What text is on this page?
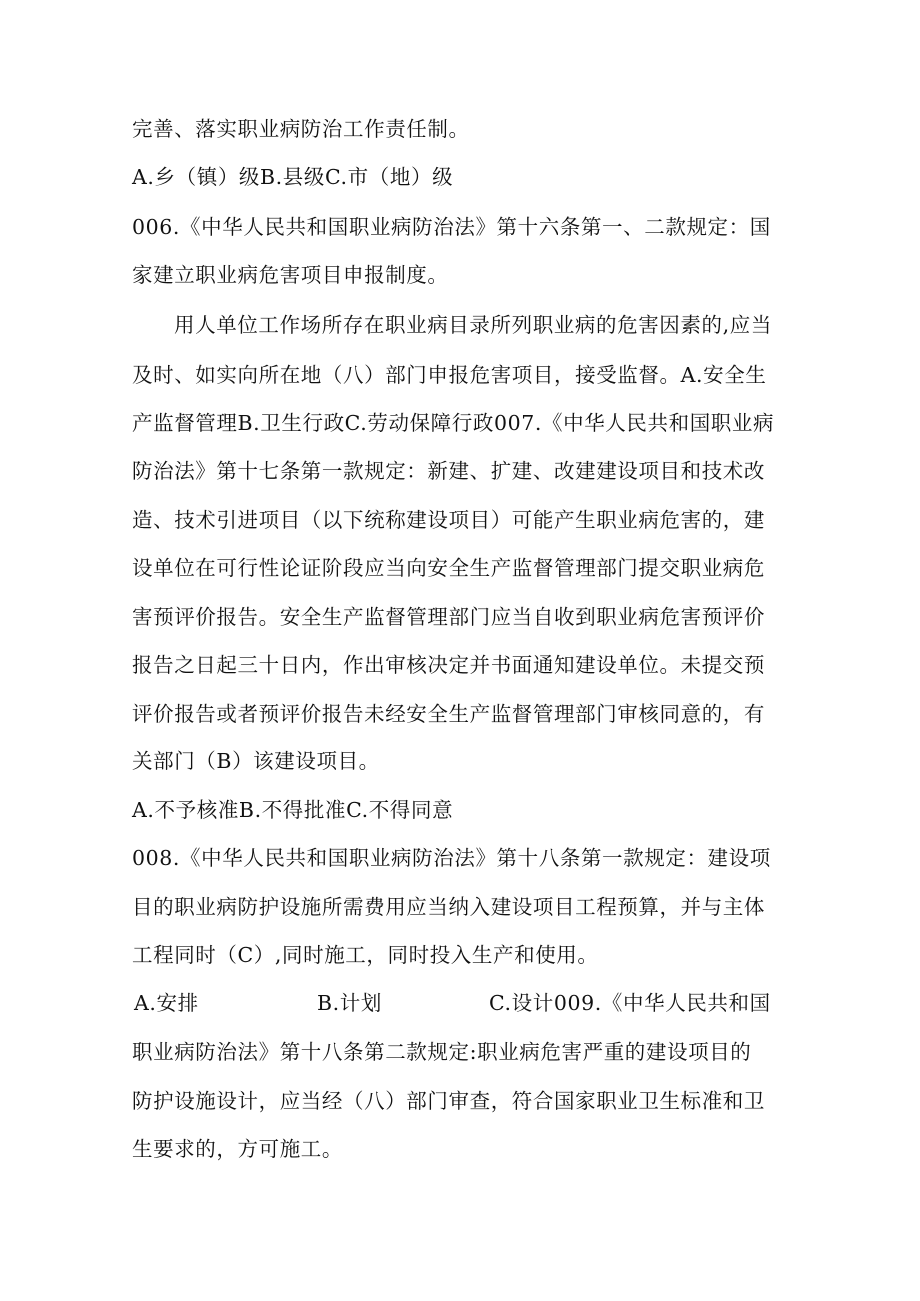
完善、落实职业病防治工作责任制。
A.乡（镇）级B.县级C.市（地）级
006.《中华人民共和国职业病防治法》第十六条第一、二款规定：国
家建立职业病危害项目申报制度。
用人单位工作场所存在职业病目录所列职业病的危害因素的,应当
及时、如实向所在地（八）部门申报危害项目，接受监督。A.安全生
产监督管理B.卫生行政C.劳动保障行政007.《中华人民共和国职业病
防治法》第十七条第一款规定：新建、扩建、改建建设项目和技术改
造、技术引进项目（以下统称建设项目）可能产生职业病危害的，建
设单位在可行性论证阶段应当向安全生产监督管理部门提交职业病危
害预评价报告。安全生产监督管理部门应当自收到职业病危害预评价
报告之日起三十日内，作出审核决定并书面通知建设单位。未提交预
评价报告或者预评价报告未经安全生产监督管理部门审核同意的，有
关部门（B）该建设项目。
A.不予核准B.不得批准C.不得同意
008.《中华人民共和国职业病防治法》第十八条第一款规定：建设项
目的职业病防护设施所需费用应当纳入建设项目工程预算，并与主体
工程同时（C）,同时施工，同时投入生产和使用。
A.安排	B.计划	C.设计009.《中华人民共和国
职业病防治法》第十八条第二款规定:职业病危害严重的建设项目的
防护设施设计，应当经（八）部门审查，符合国家职业卫生标准和卫
生要求的，方可施工。
